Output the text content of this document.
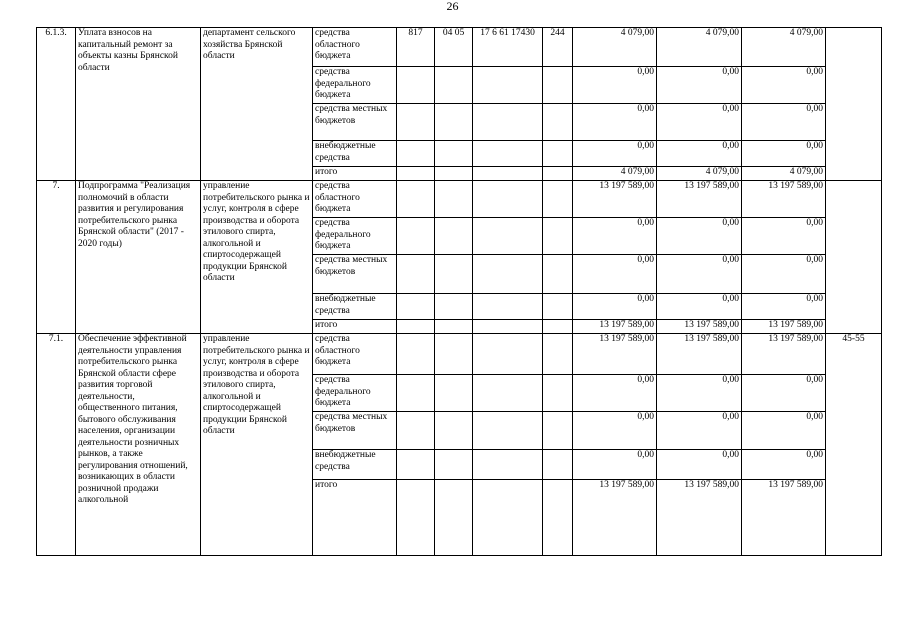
26
6.1.3.	Уплата взносов на капитальный ремонт за объекты казны Брянской области	департамент сельского хозяйства Брянской области	средства областного бюджета	817	04 05	17 6 61 17430	244	4 079,00	4 079,00	4 079,00	
			средства федерального бюджета					0,00	0,00	0,00	
			средства местных бюджетов					0,00	0,00	0,00	
			внебюджетные средства					0,00	0,00	0,00	
			итого					4 079,00	4 079,00	4 079,00	
7.	Подпрограмма "Реализация полномочий в области развития и регулирования потребительского рынка Брянской области" (2017 - 2020 годы)	управление потребительского рынка и услуг, контроля в сфере производства и оборота этилового спирта, алкогольной и спиртосодержащей продукции Брянской области	средства областного бюджета					13 197 589,00	13 197 589,00	13 197 589,00	
			средства федерального бюджета					0,00	0,00	0,00	
			средства местных бюджетов					0,00	0,00	0,00	
			внебюджетные средства					0,00	0,00	0,00	
			итого					13 197 589,00	13 197 589,00	13 197 589,00	
7.1.	Обеспечение эффективной деятельности управления потребительского рынка Брянской области сфере развития торговой деятельности, общественного питания, бытового обслуживания населения, организации деятельности розничных рынков, а также регулирования отношений, возникающих в области розничной продажи алкогольной	управление потребительского рынка и услуг, контроля в сфере производства и оборота этилового спирта, алкогольной и спиртосодержащей продукции Брянской области	средства областного бюджета					13 197 589,00	13 197 589,00	13 197 589,00	45-55
			средства федерального бюджета					0,00	0,00	0,00	
			средства местных бюджетов					0,00	0,00	0,00	
			внебюджетные средства					0,00	0,00	0,00	
			итого					13 197 589,00	13 197 589,00	13 197 589,00	
